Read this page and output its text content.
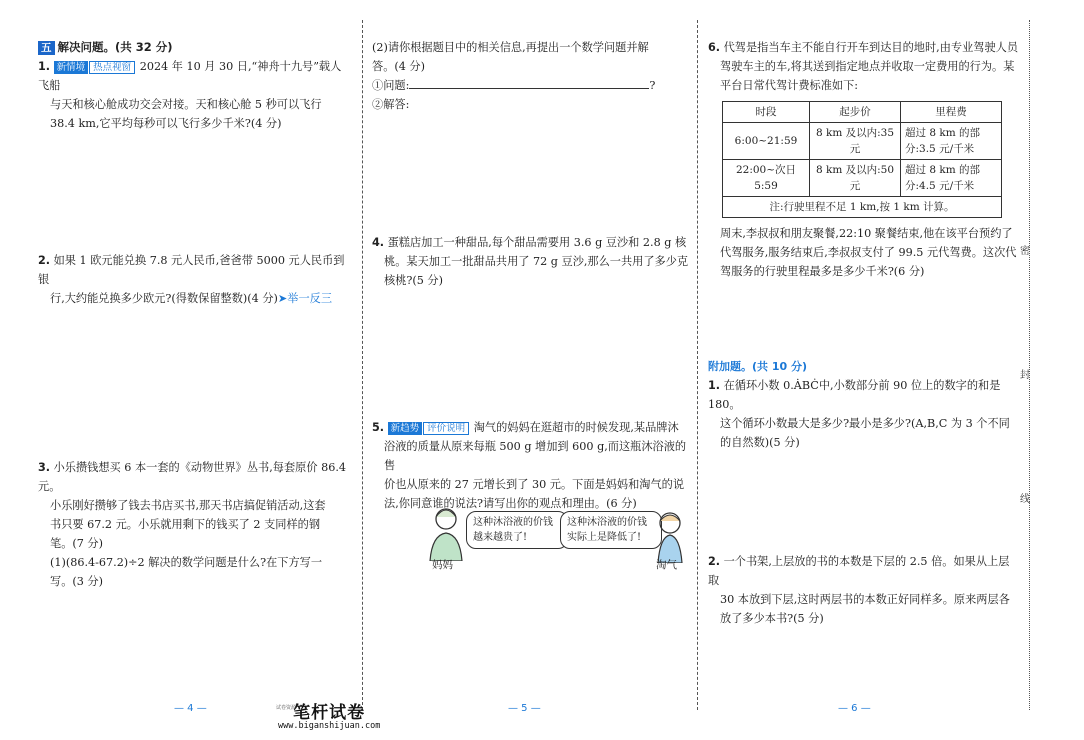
五 解决问题。(共 32 分)

1. 新情境 热点视窗 2024 年 10 月 30 日,“神舟十九号”载人飞船

与天和核心舱成功交会对接。天和核心舱 5 秒可以飞行

38.4 km,它平均每秒可以飞行多少千米?(4 分)

2. 如果 1 欧元能兑换 7.8 元人民币,爸爸带 5000 元人民币到银

行,大约能兑换多少欧元?(得数保留整数)(4 分)➤举一反三

3. 小乐攒钱想买 6 本一套的《动物世界》丛书,每套原价 86.4 元。

小乐刚好攒够了钱去书店买书,那天书店搞促销活动,这套

书只要 67.2 元。小乐就用剩下的钱买了 2 支同样的钢

笔。(7 分)

(1)(86.4-67.2)÷2 解决的数学问题是什么?在下方写一

写。(3 分)

(2)请你根据题目中的相关信息,再提出一个数学问题并解

答。(4 分)

①问题:	?

②解答:

4. 蛋糕店加工一种甜品,每个甜品需要用 3.6 g 豆沙和 2.8 g 核

桃。某天加工一批甜品共用了 72 g 豆沙,那么一共用了多少克

核桃?(5 分)

5. 新趋势 评价说明 淘气的妈妈在逛超市的时候发现,某品牌沐

浴液的质量从原来每瓶 500 g 增加到 600 g,而这瓶沐浴液的售

价也从原来的 27 元增长到了 30 元。下面是妈妈和淘气的说

法,你同意谁的说法?请写出你的观点和理由。(6 分)

这种沐浴液的价钱越来越贵了!
这种沐浴液的价钱实际上是降低了!
妈妈	淘气

6. 代驾是指当车主不能自行开车到达目的地时,由专业驾驶人员

驾驶车主的车,将其送到指定地点并收取一定费用的行为。某

平台日常代驾计费标准如下:

时段	起步价	里程费
6:00~21:59	8 km 及以内:35 元	超过 8 km 的部分:3.5 元/千米
22:00~次日 5:59	8 km 及以内:50 元	超过 8 km 的部分:4.5 元/千米
注:行驶里程不足 1 km,按 1 km 计算。		

周末,李叔叔和朋友聚餐,22:10 聚餐结束,他在该平台预约了

代驾服务,服务结束后,李叔叔支付了 99.5 元代驾费。这次代

驾服务的行驶里程最多是多少千米?(6 分)

附加题。(共 10 分)

1. 在循环小数 0.ȦBĊ中,小数部分前 90 位上的数字的和是 180。

这个循环小数最大是多少?最小是多少?(A,B,C 为 3 个不同

的自然数)(5 分)

2. 一个书架,上层放的书的本数是下层的 2.5 倍。如果从上层取

30 本放到下层,这时两层书的本数正好同样多。原来两层各

放了多少本书?(5 分)

密
封
线
— 4 —	— 5 —	— 6 —
试卷资源
笔杆试卷
www.biganshijuan.com
